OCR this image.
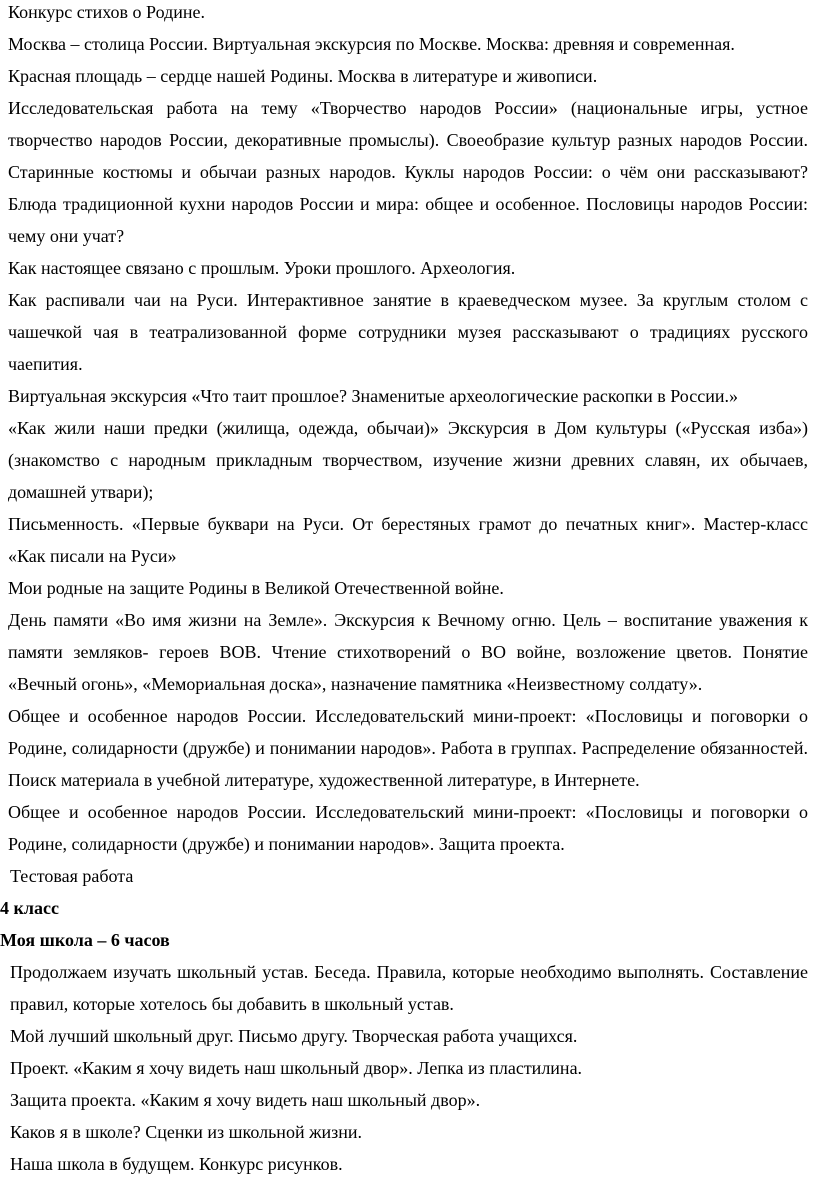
Конкурс стихов о Родине.

Москва – столица России. Виртуальная экскурсия по Москве. Москва: древняя и современная.

Красная площадь – сердце нашей Родины. Москва в литературе и живописи.

Исследовательская работа на тему «Творчество народов России» (национальные игры, устное творчество народов России, декоративные промыслы). Своеобразие культур разных народов России. Старинные костюмы и обычаи разных народов. Куклы народов России: о чём они рассказывают? Блюда традиционной кухни народов России и мира: общее и особенное. Пословицы народов России: чему они учат?

Как настоящее связано с прошлым. Уроки прошлого. Археология.

Как распивали чаи на Руси. Интерактивное занятие в краеведческом музее. За круглым столом с чашечкой чая в театрализованной форме сотрудники музея рассказывают о традициях русского чаепития.

Виртуальная экскурсия «Что таит прошлое? Знаменитые археологические раскопки в России.»

«Как жили наши предки (жилища, одежда, обычаи)» Экскурсия в Дом культуры («Русская изба») (знакомство с народным прикладным творчеством, изучение жизни древних славян, их обычаев, домашней утвари);

Письменность. «Первые буквари на Руси. От берестяных грамот до печатных книг». Мастер-класс «Как писали на Руси»

Мои родные на защите Родины в Великой Отечественной войне.

День памяти «Во имя жизни на Земле». Экскурсия к Вечному огню. Цель – воспитание уважения к памяти земляков- героев ВОВ. Чтение стихотворений о ВО войне, возложение цветов. Понятие «Вечный огонь», «Мемориальная доска», назначение памятника «Неизвестному солдату».

Общее и особенное народов России. Исследовательский мини-проект: «Пословицы и поговорки о Родине, солидарности (дружбе) и понимании народов». Работа в группах. Распределение обязанностей. Поиск материала в учебной литературе, художественной литературе, в Интернете.

Общее и особенное народов России. Исследовательский мини-проект: «Пословицы и поговорки о Родине, солидарности (дружбе) и понимании народов». Защита проекта.

Тестовая работа

4 класс

Моя школа – 6 часов

Продолжаем изучать школьный устав. Беседа. Правила, которые необходимо выполнять. Составление правил, которые хотелось бы добавить в школьный устав.

Мой лучший школьный друг. Письмо другу. Творческая работа учащихся.

Проект. «Каким я хочу видеть наш школьный двор». Лепка из пластилина.

Защита проекта. «Каким я хочу видеть наш школьный двор».

Каков я в школе? Сценки из школьной жизни.

Наша школа в будущем. Конкурс рисунков.
